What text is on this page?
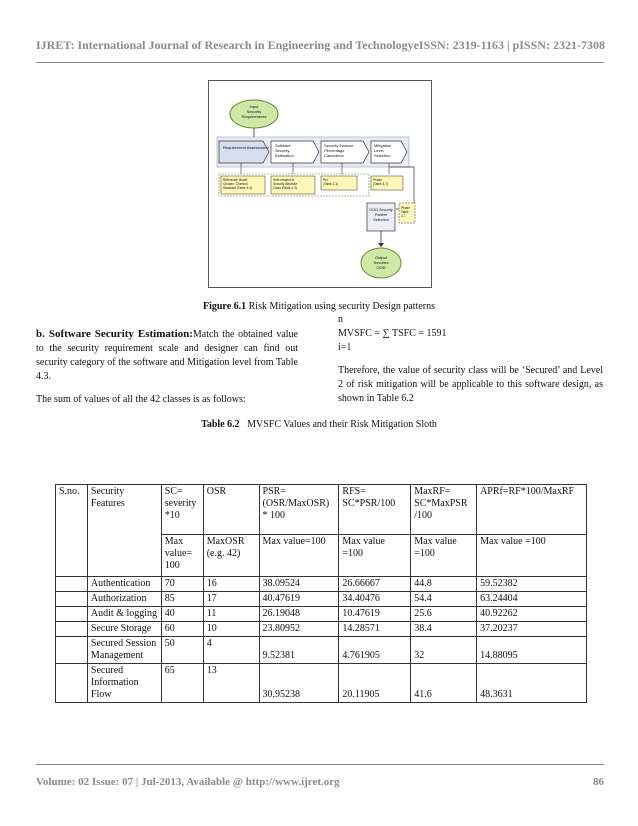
IJRET: International Journal of Research in Engineering and Technology eISSN: 2319-1163 | pISSN: 2321-7308
Input Security Requirements
Requirement Assessment Software Security Estimation Security Feature Percentage Calculation Mitigation Level Selection
Reference Model Chosen: Chennai Standard (Table 4.4) With respect to Security Attribute Class (Table 4.3) Per (Table 2.1) Phase (Table 4.7)
OOD Security Pattern Selection
Phase Table 4.7
Output Secured OOD
Figure 6.1 Risk Mitigation using security Design patterns

b. Software Security Estimation:Match the obtained value to the security requirement scale and designer can find out security category of the software and Mitigation level from Table 4.3.

The sum of values of all the 42 classes is as follows:

n

MVSFC = ∑ TSFC = 1591

i=1

Therefore, the value of security class will be ‘Secured’ and Level 2 of risk mitigation will be applicable to this software design, as shown in Table 6.2

Table 6.2 MVSFC Values and their Risk Mitigation Sloth
S.no.	Security Features	SC= severity *10	OSR	PSR= (OSR/MaxOSR) * 100	RFS= SC*PSR/100	MaxRF= SC*MaxPSR /100	APRf=RF*100/MaxRF
		Max value= 100	MaxOSR (e.g. 42)	Max value=100	Max value =100	Max value =100	Max value =100
	Authentication	70	16	38.09524	26.66667	44.8	59.52382
	Authorization	85	17	40.47619	34.40476	54.4	63.24404
	Audit & logging	40	11	26.19048	10.47619	25.6	40.92262
	Secure Storage	60	10	23.80952	14.28571	38.4	37.20237
	Secured Session Management	50	4	9.52381	4.761905	32	14.88095
	Secured Information Flow	65	13	30.95238	20.11905	41.6	48.3631
Volume: 02 Issue: 07 | Jul-2013, Available @ http://www.ijret.org	86
